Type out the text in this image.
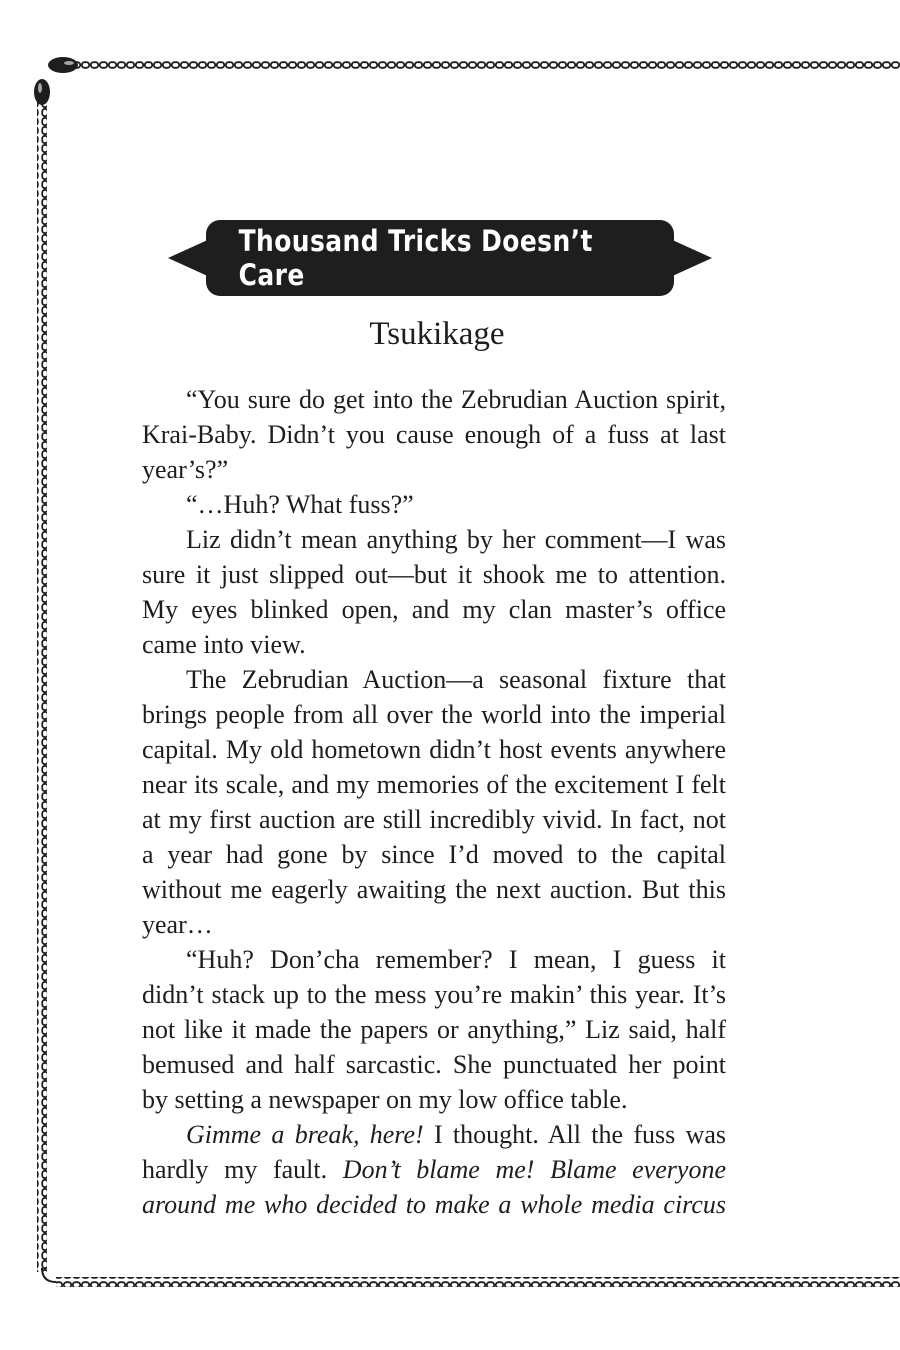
Thousand Tricks Doesn’t Care
Tsukikage

“You sure do get into the Zebrudian Auction spirit, Krai-Baby. Didn’t you cause enough of a fuss at last year’s?”

“…Huh? What fuss?”

Liz didn’t mean anything by her comment—I was sure it just slipped out—but it shook me to attention. My eyes blinked open, and my clan master’s office came into view.

The Zebrudian Auction—a seasonal fixture that brings people from all over the world into the imperial capital. My old hometown didn’t host events anywhere near its scale, and my memories of the excitement I felt at my first auction are still incredibly vivid. In fact, not a year had gone by since I’d moved to the capital without me eagerly awaiting the next auction. But this year…

“Huh? Don’cha remember? I mean, I guess it didn’t stack up to the mess you’re makin’ this year. It’s not like it made the papers or anything,” Liz said, half bemused and half sarcastic. She punctuated her point by setting a newspaper on my low office table.

Gimme a break, here! I thought. All the fuss was hardly my fault. Don’t blame me! Blame everyone around me who decided to make a whole media circus
